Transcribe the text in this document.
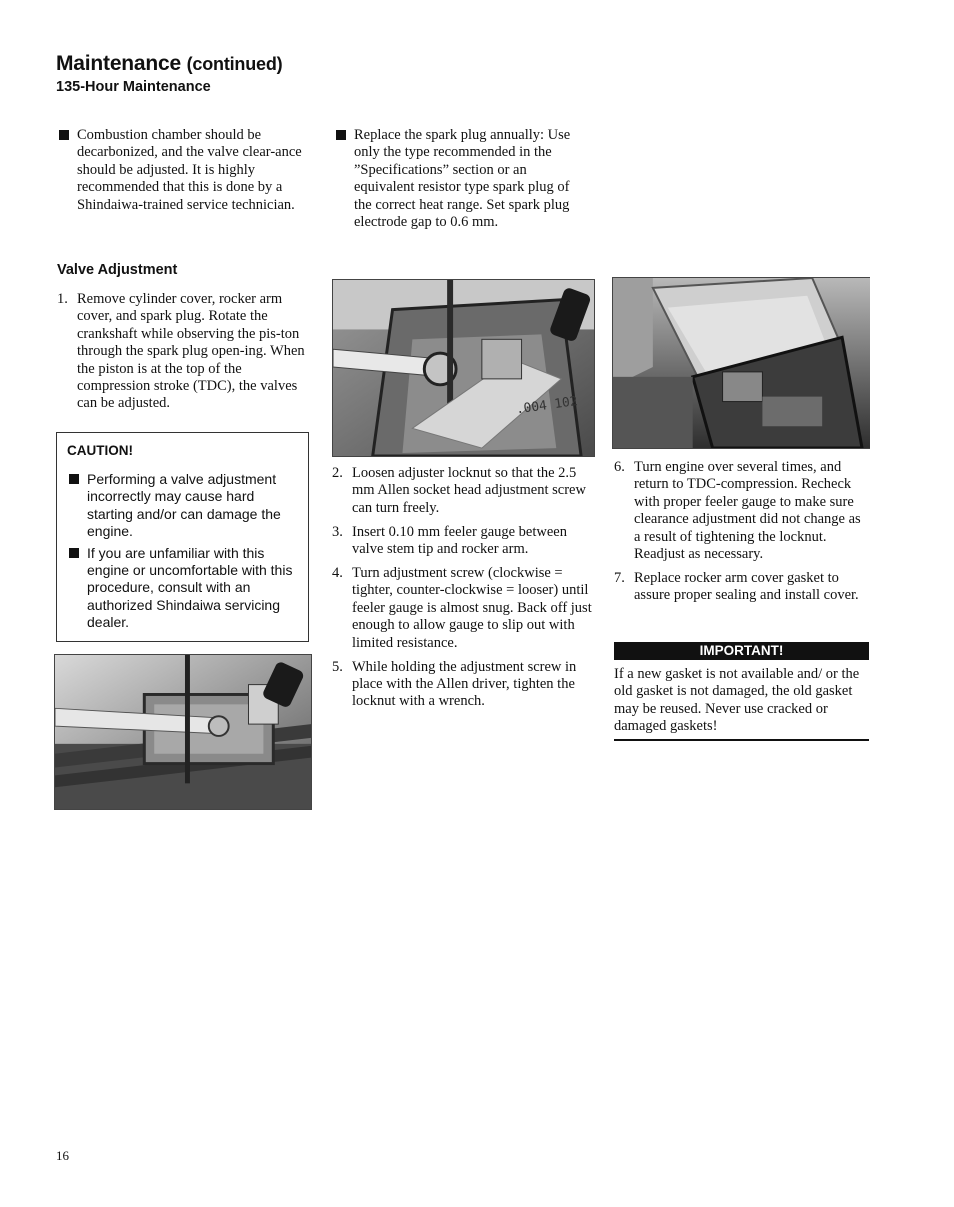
Maintenance (continued)
135-Hour Maintenance
Combustion chamber should be decarbonized, and the valve clear-ance should be adjusted. It is highly recommended that this is done by a Shindaiwa-trained service technician.
Replace the spark plug annually: Use only the type recommended in the ”Specifications” section or an equivalent resistor type spark plug of the correct heat range. Set spark plug electrode gap to 0.6 mm.
Valve Adjustment
1. Remove cylinder cover, rocker arm cover, and spark plug. Rotate the crankshaft while observing the pis-ton through the spark plug open-ing. When the piston is at the top of the compression stroke (TDC), the valves can be adjusted.

CAUTION!

Performing a valve adjustment incorrectly may cause hard starting and/or can damage the engine.
If you are unfamiliar with this engine or uncomfortable with this procedure, consult with an authorized Shindaiwa servicing dealer.
.004 102
2. Loosen adjuster locknut so that the 2.5 mm Allen socket head adjustment screw can turn freely.
3. Insert 0.10 mm feeler gauge between valve stem tip and rocker arm.
4. Turn adjustment screw (clockwise = tighter, counter-clockwise = looser) until feeler gauge is almost snug. Back off just enough to allow gauge to slip out with limited resistance.
5. While holding the adjustment screw in place with the Allen driver, tighten the locknut with a wrench.
6. Turn engine over several times, and return to TDC-compression. Recheck with proper feeler gauge to make sure clearance adjustment did not change as a result of tightening the locknut. Readjust as necessary.
7. Replace rocker arm cover gasket to assure proper sealing and install cover.
IMPORTANT!
If a new gasket is not available and/ or the old gasket is not damaged, the old gasket may be reused. Never use cracked or damaged gaskets!
16
